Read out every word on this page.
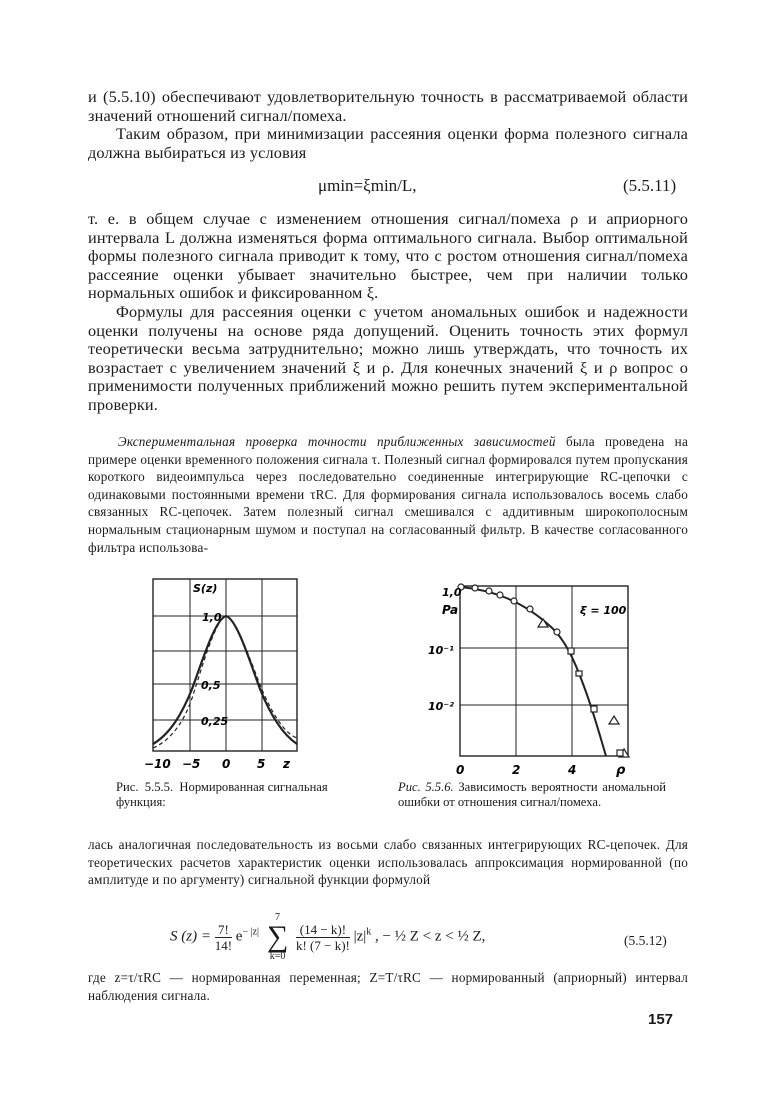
и (5.5.10) обеспечивают удовлетворительную точность в рассматриваемой области значений отношений сигнал/помеха.

Таким образом, при минимизации рассеяния оценки форма полезного сигнала должна выбираться из условия

μmin=ξmin/L,	(5.5.11)

т. е. в общем случае с изменением отношения сигнал/помеха ρ и априорного интервала L должна изменяться форма оптимального сигнала. Выбор оптимальной формы полезного сигнала приводит к тому, что с ростом отношения сигнал/помеха рассеяние оценки убывает значительно быстрее, чем при наличии только нормальных ошибок и фиксированном ξ.

Формулы для рассеяния оценки с учетом аномальных ошибок и надежности оценки получены на основе ряда допущений. Оценить точность этих формул теоретически весьма затруднительно; можно лишь утверждать, что точность их возрастает с увеличением значений ξ и ρ. Для конечных значений ξ и ρ вопрос о применимости полученных приближений можно решить путем экспериментальной проверки.

Экспериментальная проверка точности приближенных зависимостей была проведена на примере оценки временного положения сигнала τ. Полезный сигнал формировался путем пропускания короткого видеоимпульса через последовательно соединенные интегрирующие RC-цепочки с одинаковыми постоянными времени τRC. Для формирования сигнала использовалось восемь слабо связанных RC-цепочек. Затем полезный сигнал смешивался с аддитивным широкополосным нормальным стационарным шумом и поступал на согласованный фильтр. В качестве согласованного фильтра использова-

S(z)
1,0
0,5
0,25
−10 −5 0 5 z
Рис. 5.5.5. Нормированная сигнальная функция:
1,0
Pa
10⁻¹
10⁻²
ξ = 100
0	2	4	ρ
Рис. 5.5.6. Зависимость вероятности аномальной ошибки от отношения сигнал/помеха.

лась аналогичная последовательность из восьми слабо связанных интегрирующих RC-цепочек. Для теоретических расчетов характеристик оценки использовалась аппроксимация нормированной (по амплитуде и по аргументу) сигнальной функции формулой

S $(z) = \frac{7!}{14!} e^{- |z|}$
7
∑
k=0

$\frac{(14 - k)!}{k! (7 - k)!} |z|^k$ , − ½ Z < z < ½ Z,	(5.5.12)

где z=τ/τRC — нормированная переменная; Z=T/τRC — нормированный (априорный) интервал наблюдения сигнала.

157
